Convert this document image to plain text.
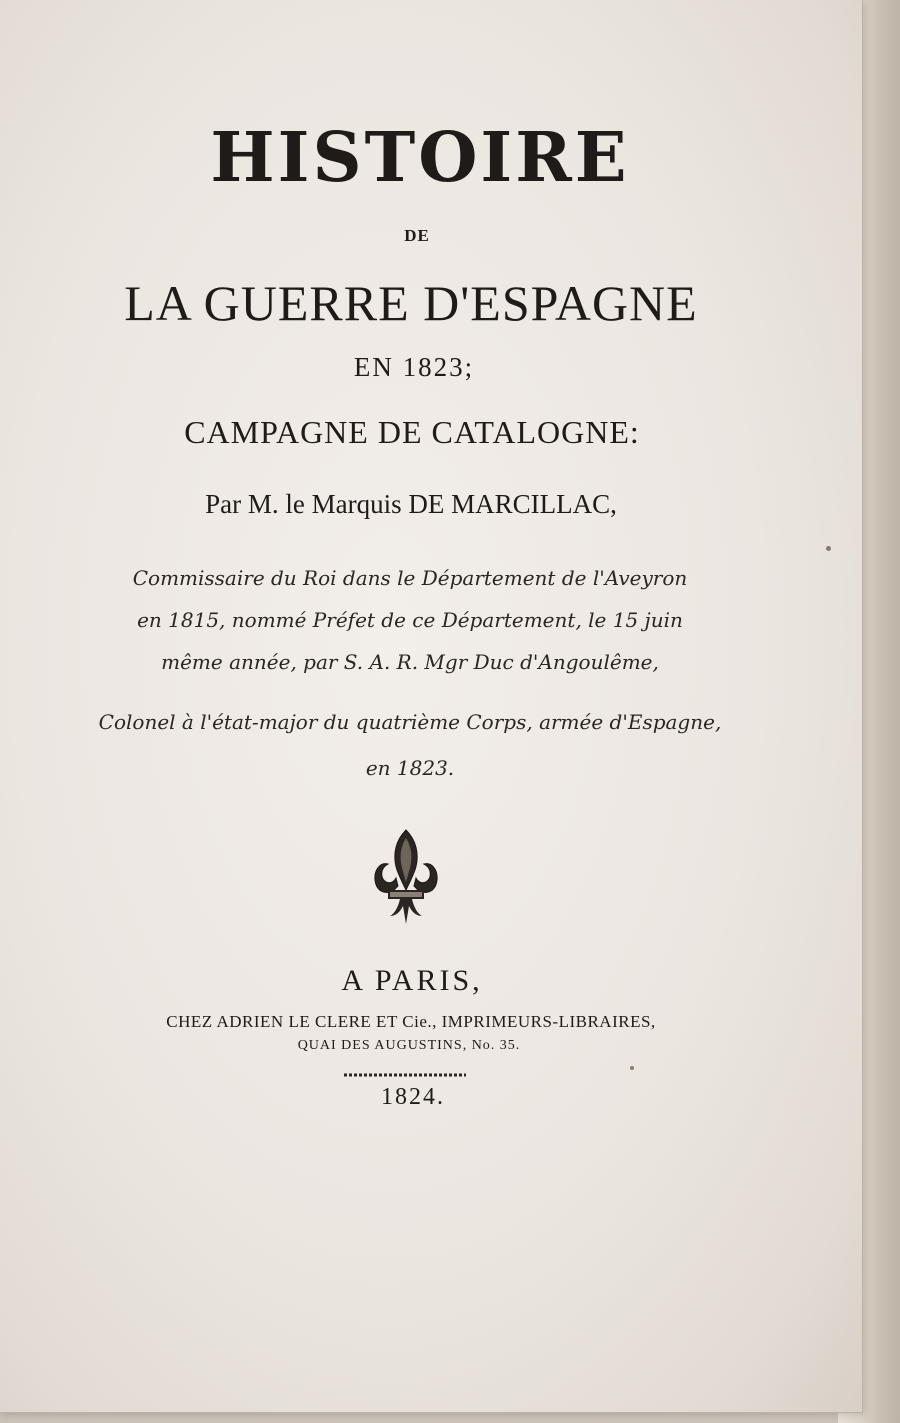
HISTOIRE
DE
LA GUERRE D'ESPAGNE
EN 1823;
CAMPAGNE DE CATALOGNE:
Par M. le Marquis DE MARCILLAC,
Commissaire du Roi dans le Département de l'Aveyron
en 1815, nommé Préfet de ce Département, le 15 juin
même année, par S. A. R. Mgr Duc d'Angoulême,
Colonel à l'état-major du quatrième Corps, armée d'Espagne,
en 1823.
A PARIS,
CHEZ ADRIEN LE CLERE ET Cie., IMPRIMEURS-LIBRAIRES,
QUAI DES AUGUSTINS, No. 35.
1824.
